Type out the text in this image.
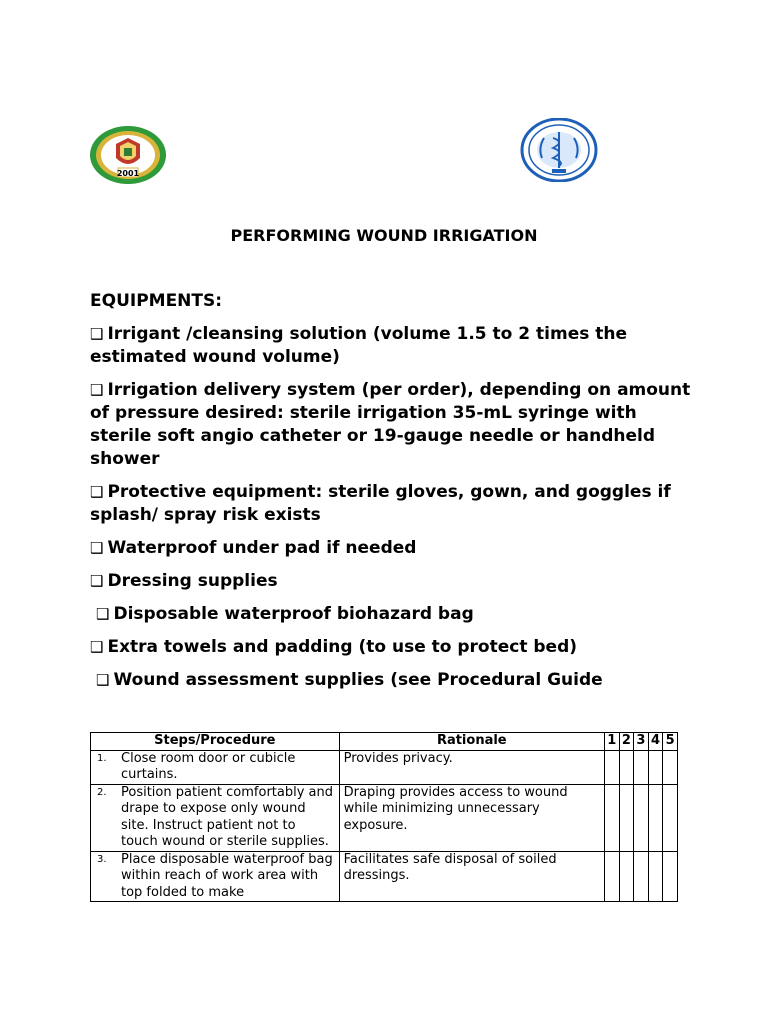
2001
PERFORMING WOUND IRRIGATION
EQUIPMENTS:
❑ Irrigant /cleansing solution (volume 1.5 to 2 times the estimated wound volume)
❑ Irrigation delivery system (per order), depending on amount of pressure desired: sterile irrigation 35-mL syringe with sterile soft angio catheter or 19-gauge needle or handheld shower
❑ Protective equipment: sterile gloves, gown, and goggles if splash/ spray risk exists
❑ Waterproof under pad if needed
❑ Dressing supplies
❑ Disposable waterproof biohazard bag
❑ Extra towels and padding (to use to protect bed)
❑ Wound assessment supplies (see Procedural Guide
Steps/Procedure	Rationale	1	2	3	4	5

1. Close room door or cubicle curtains.	Provides privacy.					

2. Position patient comfortably and drape to expose only wound site. Instruct patient not to touch wound or sterile supplies.	Draping provides access to wound while minimizing unnecessary exposure.					

3. Place disposable waterproof bag within reach of work area with top folded to make	Facilitates safe disposal of soiled dressings.					
